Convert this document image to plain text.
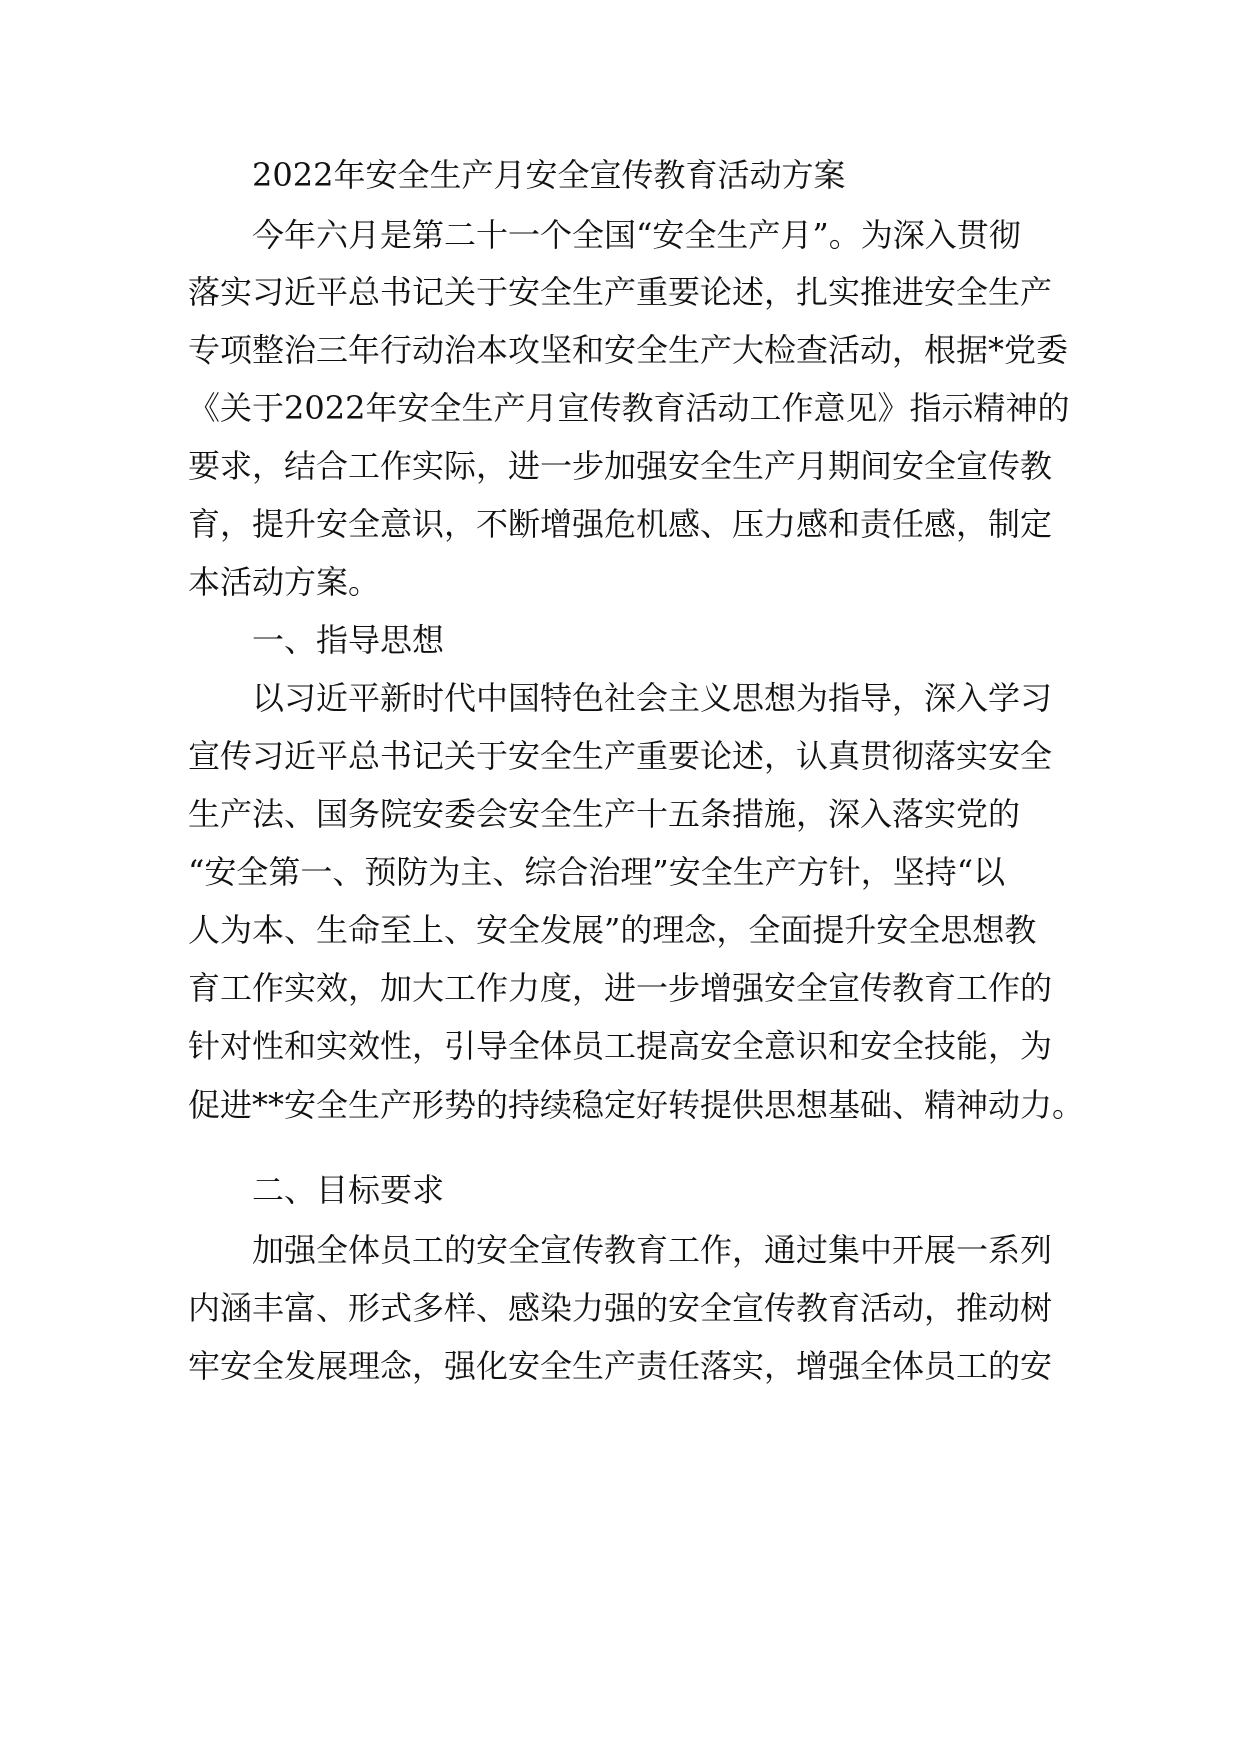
2022年安全生产月安全宣传教育活动方案
今年六月是第二十一个全国“安全生产月”。为深入贯彻
落实习近平总书记关于安全生产重要论述，扎实推进安全生产
专项整治三年行动治本攻坚和安全生产大检查活动，根据*党委
《关于2022年安全生产月宣传教育活动工作意见》指示精神的
要求，结合工作实际，进一步加强安全生产月期间安全宣传教
育，提升安全意识，不断增强危机感、压力感和责任感，制定
本活动方案。
一、指导思想
以习近平新时代中国特色社会主义思想为指导，深入学习
宣传习近平总书记关于安全生产重要论述，认真贯彻落实安全
生产法、国务院安委会安全生产十五条措施，深入落实党的
“安全第一、预防为主、综合治理”安全生产方针，坚持“以
人为本、生命至上、安全发展”的理念，全面提升安全思想教
育工作实效，加大工作力度，进一步增强安全宣传教育工作的
针对性和实效性，引导全体员工提高安全意识和安全技能，为
促进**安全生产形势的持续稳定好转提供思想基础、精神动力。
二、目标要求
加强全体员工的安全宣传教育工作，通过集中开展一系列
内涵丰富、形式多样、感染力强的安全宣传教育活动，推动树
牢安全发展理念，强化安全生产责任落实，增强全体员工的安
